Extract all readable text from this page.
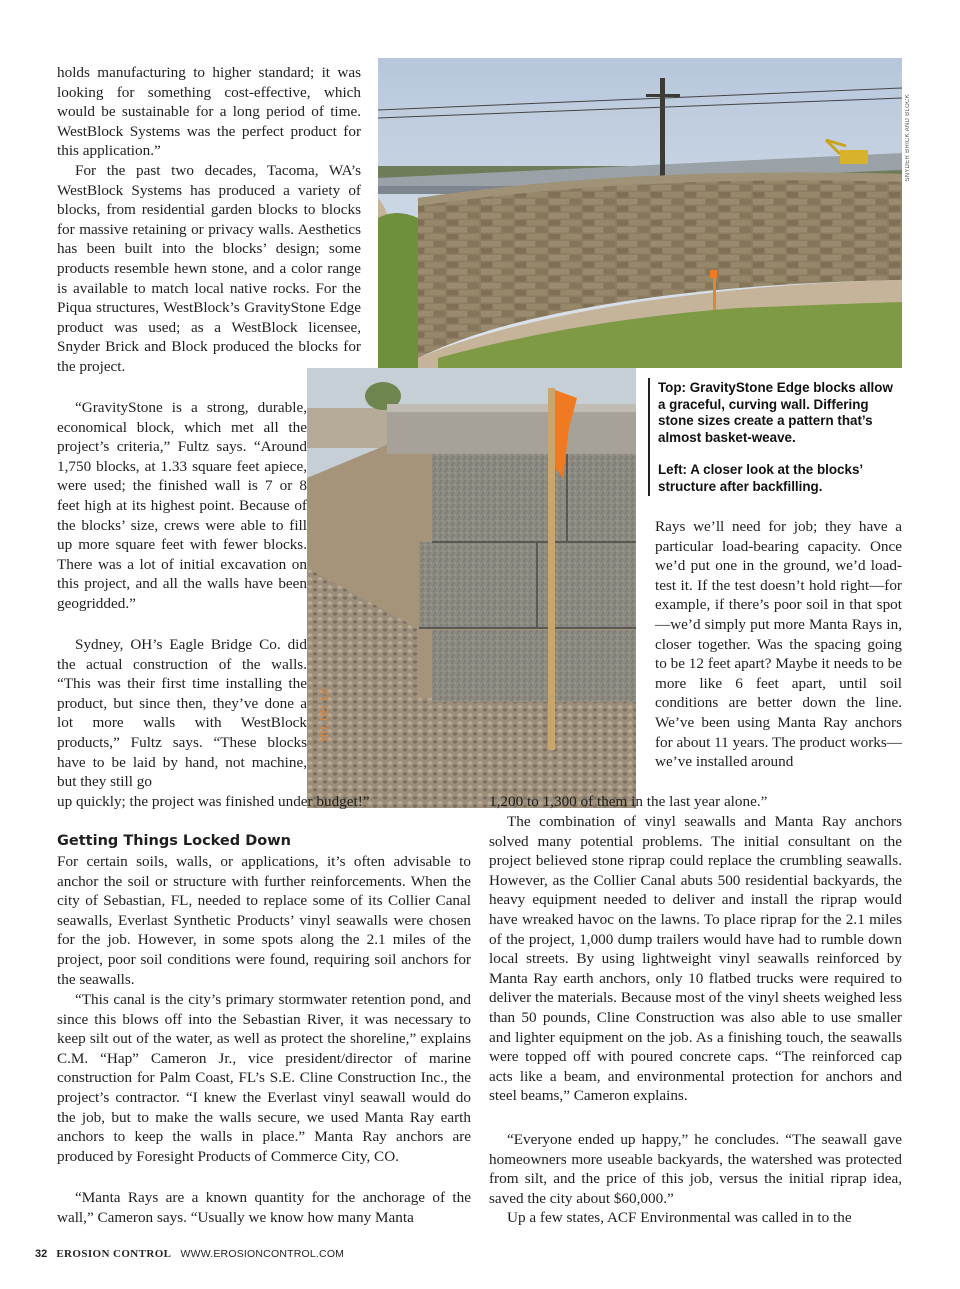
SNYDER BRICK AND BLOCK
21 30 '08

Top: GravityStone Edge blocks allow a graceful, curving wall. Differing stone sizes create a pattern that’s almost basket-weave.

Left: A closer look at the blocks’ structure after backfilling.

holds manufacturing to higher standard; it was looking for something cost-effective, which would be sustainable for a long period of time. WestBlock Systems was the perfect product for this application.”

For the past two decades, Tacoma, WA’s WestBlock Systems has produced a variety of blocks, from residential garden blocks to blocks for massive retaining or privacy walls. Aesthetics has been built into the blocks’ design; some products resemble hewn stone, and a color range is available to match local native rocks. For the Piqua structures, WestBlock’s GravityStone Edge product was used; as a WestBlock licensee, Snyder Brick and Block produced the blocks for the project.

“GravityStone is a strong, durable, economical block, which met all the project’s criteria,” Fultz says. “Around 1,750 blocks, at 1.33 square feet apiece, were used; the finished wall is 7 or 8 feet high at its highest point. Because of the blocks’ size, crews were able to fill up more square feet with fewer blocks. There was a lot of initial excavation on this project, and all the walls have been geogridded.”

Sydney, OH’s Eagle Bridge Co. did the actual construction of the walls. “This was their first time installing the product, but since then, they’ve done a lot more walls with WestBlock products,” Fultz says. “These blocks have to be laid by hand, not machine, but they still go

up quickly; the project was finished under budget!”

Getting Things Locked Down

For certain soils, walls, or applications, it’s often advisable to anchor the soil or structure with further reinforcements. When the city of Sebastian, FL, needed to replace some of its Collier Canal seawalls, Everlast Synthetic Products’ vinyl seawalls were chosen for the job. However, in some spots along the 2.1 miles of the project, poor soil conditions were found, requiring soil anchors for the seawalls.

“This canal is the city’s primary stormwater retention pond, and since this blows off into the Sebastian River, it was necessary to keep silt out of the water, as well as protect the shoreline,” explains C.M. “Hap” Cameron Jr., vice president/director of marine construction for Palm Coast, FL’s S.E. Cline Construction Inc., the project’s contractor. “I knew the Everlast vinyl seawall would do the job, but to make the walls secure, we used Manta Ray earth anchors to keep the walls in place.” Manta Ray anchors are produced by Foresight Products of Commerce City, CO.

“Manta Rays are a known quantity for the anchorage of the wall,” Cameron says. “Usually we know how many Manta

Rays we’ll need for job; they have a particular load-bearing capacity. Once we’d put one in the ground, we’d load-test it. If the test doesn’t hold right—for example, if there’s poor soil in that spot—we’d simply put more Manta Rays in, closer together. Was the spacing going to be 12 feet apart? Maybe it needs to be more like 6 feet apart, until soil conditions are better down the line. We’ve been using Manta Ray anchors for about 11 years. The product works—we’ve installed around

1,200 to 1,300 of them in the last year alone.”

The combination of vinyl seawalls and Manta Ray anchors solved many potential problems. The initial consultant on the project believed stone riprap could replace the crumbling seawalls. However, as the Collier Canal abuts 500 residential backyards, the heavy equipment needed to deliver and install the riprap would have wreaked havoc on the lawns. To place riprap for the 2.1 miles of the project, 1,000 dump trailers would have had to rumble down local streets. By using lightweight vinyl seawalls reinforced by Manta Ray earth anchors, only 10 flatbed trucks were required to deliver the materials. Because most of the vinyl sheets weighed less than 50 pounds, Cline Construction was also able to use smaller and lighter equipment on the job. As a finishing touch, the seawalls were topped off with poured concrete caps. “The reinforced cap acts like a beam, and environmental protection for anchors and steel beams,” Cameron explains.

“Everyone ended up happy,” he concludes. “The seawall gave homeowners more useable backyards, the watershed was protected from silt, and the price of this job, versus the initial riprap idea, saved the city about $60,000.”

Up a few states, ACF Environmental was called in to the

32 EROSION CONTROL WWW.EROSIONCONTROL.COM
